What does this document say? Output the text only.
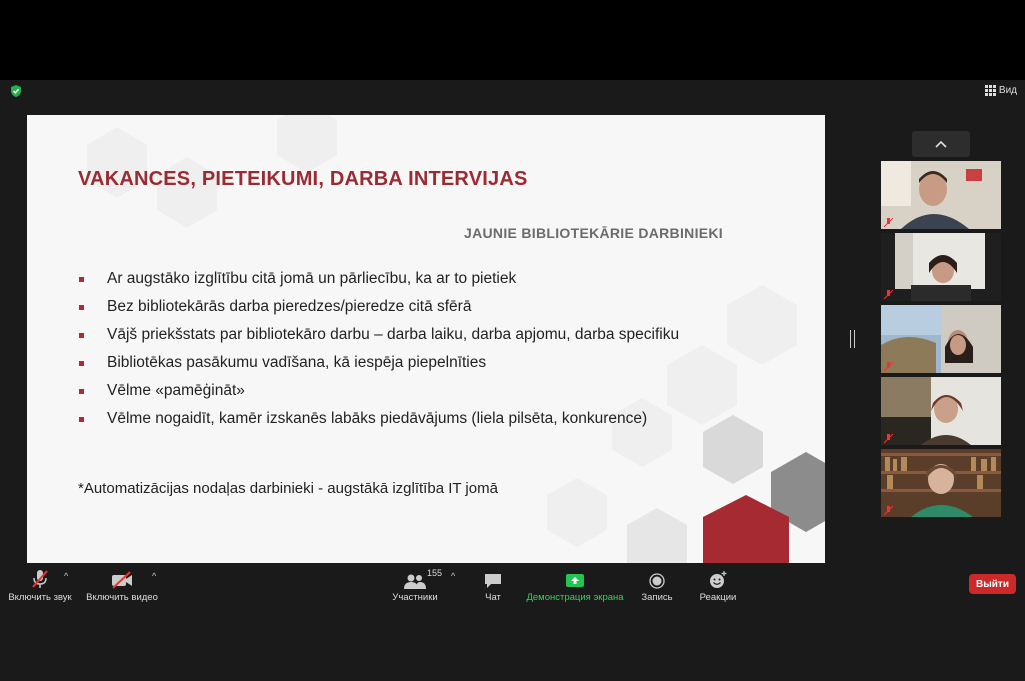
Вид
VAKANCES, PIETEIKUMI, DARBA INTERVIJAS
JAUNIE BIBLIOTEKĀRIE DARBINIEKI
Ar augstāko izglītību citā jomā un pārliecību, ka ar to pietiek
Bez bibliotekārās darba pieredzes/pieredze citā sfērā
Vājš priekšstats par bibliotekāro darbu – darba laiku, darba apjomu, darba specifiku
Bibliotēkas pasākumu vadīšana, kā iespēja piepelnīties
Vēlme «pamēģināt»
Vēlme nogaidīt, kamēr izskanēs labāks piedāvājums (liela pilsēta, konkurence)
*Automatizācijas nodaļas darbinieki - augstākā izglītība IT jomā
Включить звук
^
Включить видео
^
Участники
155 ^
Чат	Демонстрация экрана Запись	Реакции
Выйти
